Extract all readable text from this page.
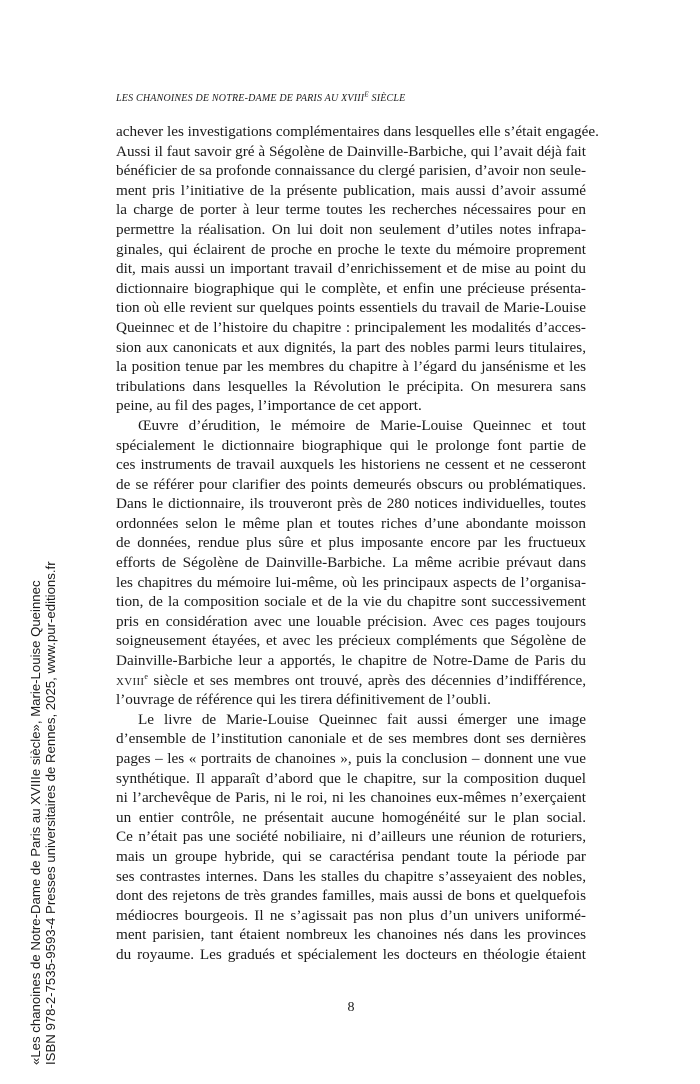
LES CHANOINES DE NOTRE-DAME DE PARIS AU $XVIII^E$ SIÈCLE
achever les investigations complémentaires dans lesquelles elle s’était engagée.
Aussi il faut savoir gré à Ségolène de Dainville-Barbiche, qui l’avait déjà fait
bénéficier de sa profonde connaissance du clergé parisien, d’avoir non seule-
ment pris l’initiative de la présente publication, mais aussi d’avoir assumé
la charge de porter à leur terme toutes les recherches nécessaires pour en
permettre la réalisation. On lui doit non seulement d’utiles notes infrapa-
ginales, qui éclairent de proche en proche le texte du mémoire proprement
dit, mais aussi un important travail d’enrichissement et de mise au point du
dictionnaire biographique qui le complète, et enfin une précieuse présenta-
tion où elle revient sur quelques points essentiels du travail de Marie-Louise
Queinnec et de l’histoire du chapitre : principalement les modalités d’acces-
sion aux canonicats et aux dignités, la part des nobles parmi leurs titulaires,
la position tenue par les membres du chapitre à l’égard du jansénisme et les
tribulations dans lesquelles la Révolution le précipita. On mesurera sans
peine, au fil des pages, l’importance de cet apport.
Œuvre d’érudition, le mémoire de Marie-Louise Queinnec et tout
spécialement le dictionnaire biographique qui le prolonge font partie de
ces instruments de travail auxquels les historiens ne cessent et ne cesseront
de se référer pour clarifier des points demeurés obscurs ou problématiques.
Dans le dictionnaire, ils trouveront près de 280 notices individuelles, toutes
ordonnées selon le même plan et toutes riches d’une abondante moisson
de données, rendue plus sûre et plus imposante encore par les fructueux
efforts de Ségolène de Dainville-Barbiche. La même acribie prévaut dans
les chapitres du mémoire lui-même, où les principaux aspects de l’organisa-
tion, de la composition sociale et de la vie du chapitre sont successivement
pris en considération avec une louable précision. Avec ces pages toujours
soigneusement étayées, et avec les précieux compléments que Ségolène de
Dainville-Barbiche leur a apportés, le chapitre de Notre-Dame de Paris du
XVIIIe siècle et ses membres ont trouvé, après des décennies d’indifférence,
l’ouvrage de référence qui les tirera définitivement de l’oubli.
Le livre de Marie-Louise Queinnec fait aussi émerger une image
d’ensemble de l’institution canoniale et de ses membres dont ses dernières
pages – les « portraits de chanoines », puis la conclusion – donnent une vue
synthétique. Il apparaît d’abord que le chapitre, sur la composition duquel
ni l’archevêque de Paris, ni le roi, ni les chanoines eux-mêmes n’exerçaient
un entier contrôle, ne présentait aucune homogénéité sur le plan social.
Ce n’était pas une société nobiliaire, ni d’ailleurs une réunion de roturiers,
mais un groupe hybride, qui se caractérisa pendant toute la période par
ses contrastes internes. Dans les stalles du chapitre s’asseyaient des nobles,
dont des rejetons de très grandes familles, mais aussi de bons et quelquefois
médiocres bourgeois. Il ne s’agissait pas non plus d’un univers uniformé-
ment parisien, tant étaient nombreux les chanoines nés dans les provinces
du royaume. Les gradués et spécialement les docteurs en théologie étaient
8
«Les chanoines de Notre-Dame de Paris au XVIIIe siècle», Marie-Louise Queinnec ISBN 978-2-7535-9593-4 Presses universitaires de Rennes, 2025, www.pur-editions.fr
